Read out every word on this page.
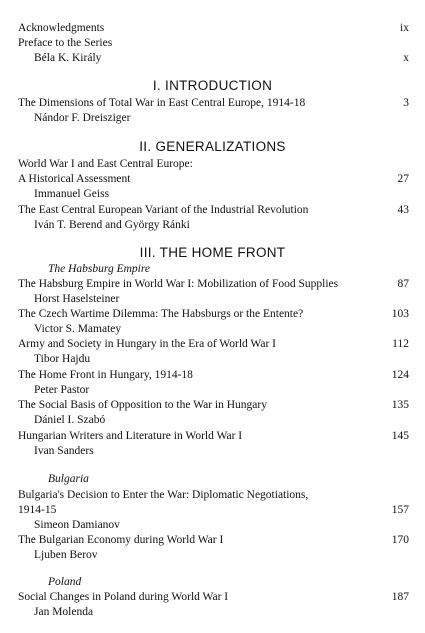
Acknowledgments	ix
Preface to the Series
Béla K. Király	x
I. INTRODUCTION
The Dimensions of Total War in East Central Europe, 1914-18	3
Nándor F. Dreisziger
II. GENERALIZATIONS
World War I and East Central Europe:
A Historical Assessment	27
Immanuel Geiss
The East Central European Variant of the Industrial Revolution	43
Iván T. Berend and György Ránki
III. THE HOME FRONT
The Habsburg Empire
The Habsburg Empire in World War I: Mobilization of Food Supplies	87
Horst Haselsteiner
The Czech Wartime Dilemma: The Habsburgs or the Entente?	103
Victor S. Mamatey
Army and Society in Hungary in the Era of World War I	112
Tibor Hajdu
The Home Front in Hungary, 1914-18	124
Peter Pastor
The Social Basis of Opposition to the War in Hungary	135
Dániel I. Szabó
Hungarian Writers and Literature in World War I	145
Ivan Sanders
Bulgaria
Bulgaria's Decision to Enter the War: Diplomatic Negotiations,
1914-15	157
Simeon Damianov
The Bulgarian Economy during World War I	170
Ljuben Berov
Poland
Social Changes in Poland during World War I	187
Jan Molenda
